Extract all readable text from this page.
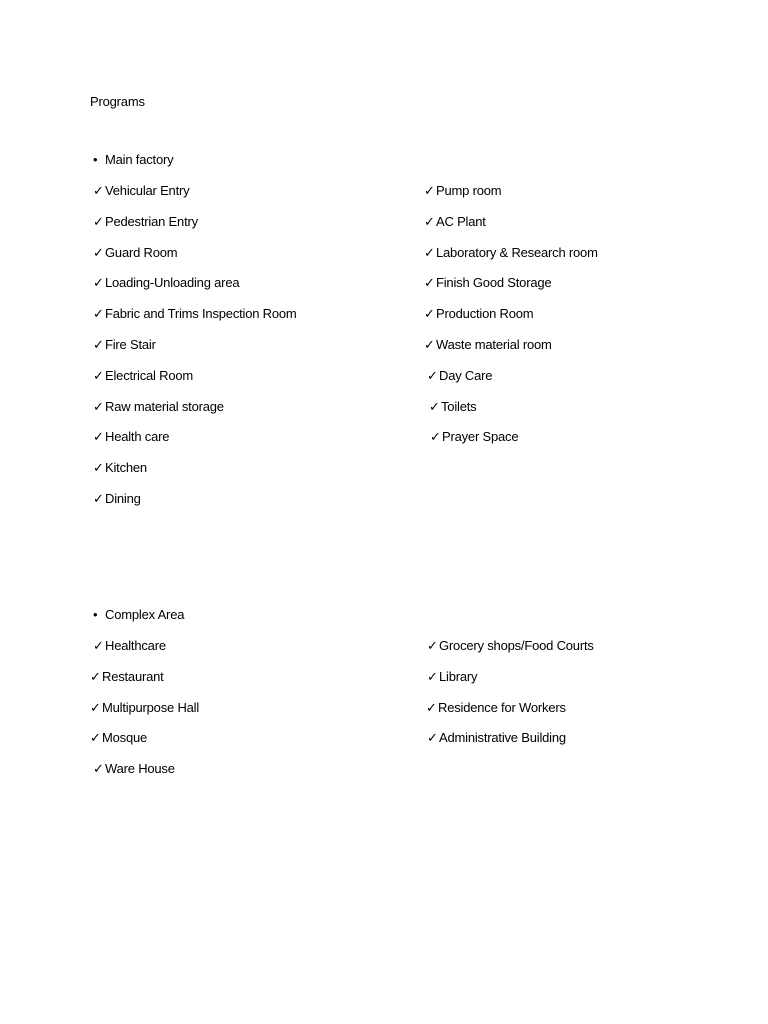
Programs
• Main factory
✓Vehicular Entry
✓Pedestrian Entry
✓Guard Room
✓Loading-Unloading area
✓Fabric and Trims Inspection Room
✓Fire Stair
✓Electrical Room
✓Raw material storage
✓Health care
✓Kitchen
✓Dining
✓Pump room
✓AC Plant
✓Laboratory & Research room
✓Finish Good Storage
✓Production Room
✓Waste material room
✓Day Care
✓Toilets
✓Prayer Space
• Complex Area
✓Healthcare
✓Restaurant
✓Multipurpose Hall
✓Mosque
✓Ware House
✓Grocery shops/Food Courts
✓Library
✓Residence for Workers
✓Administrative Building
